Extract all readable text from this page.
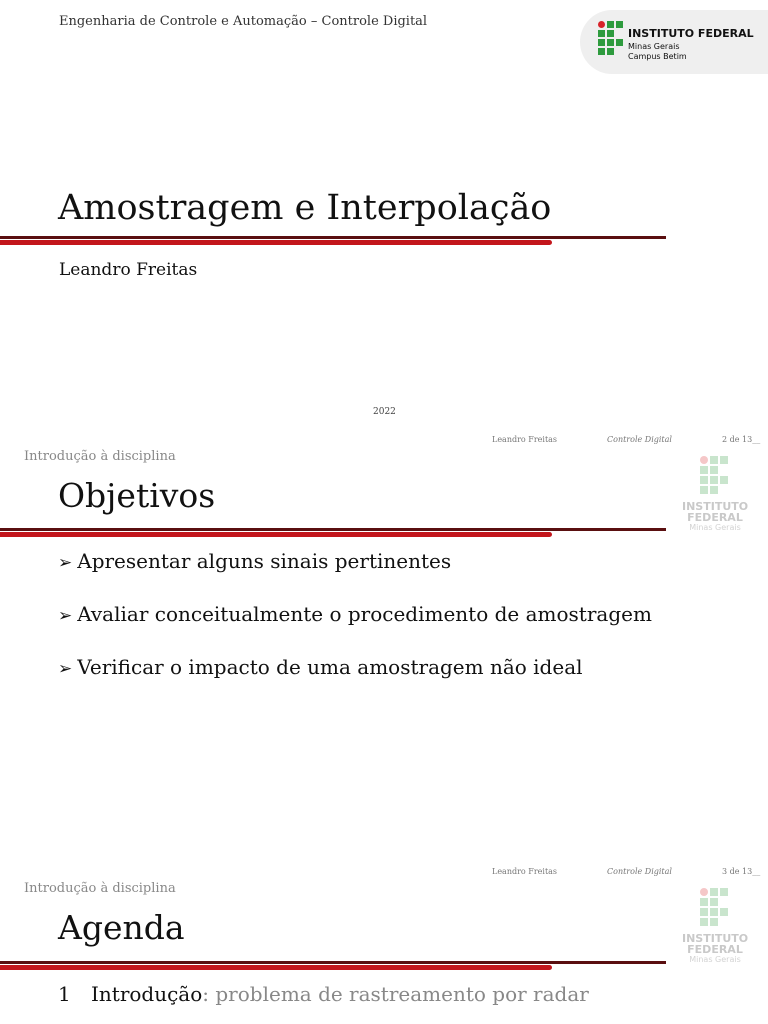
Engenharia de Controle e Automação – Controle Digital
INSTITUTO FEDERAL
Minas Gerais
Campus Betim
Amostragem e Interpolação
Leandro Freitas
2022
Leandro Freitas	Controle Digital	2 de 13__
Introdução à disciplina
Objetivos	INSTITUTO
FEDERAL
Minas Gerais
➢ Apresentar alguns sinais pertinentes
➢ Avaliar conceitualmente o procedimento de amostragem
➢ Verificar o impacto de uma amostragem não ideal
Leandro Freitas	Controle Digital	3 de 13__
Introdução à disciplina
Agenda	INSTITUTO
FEDERAL
Minas Gerais
1 Introdução: problema de rastreamento por radar
